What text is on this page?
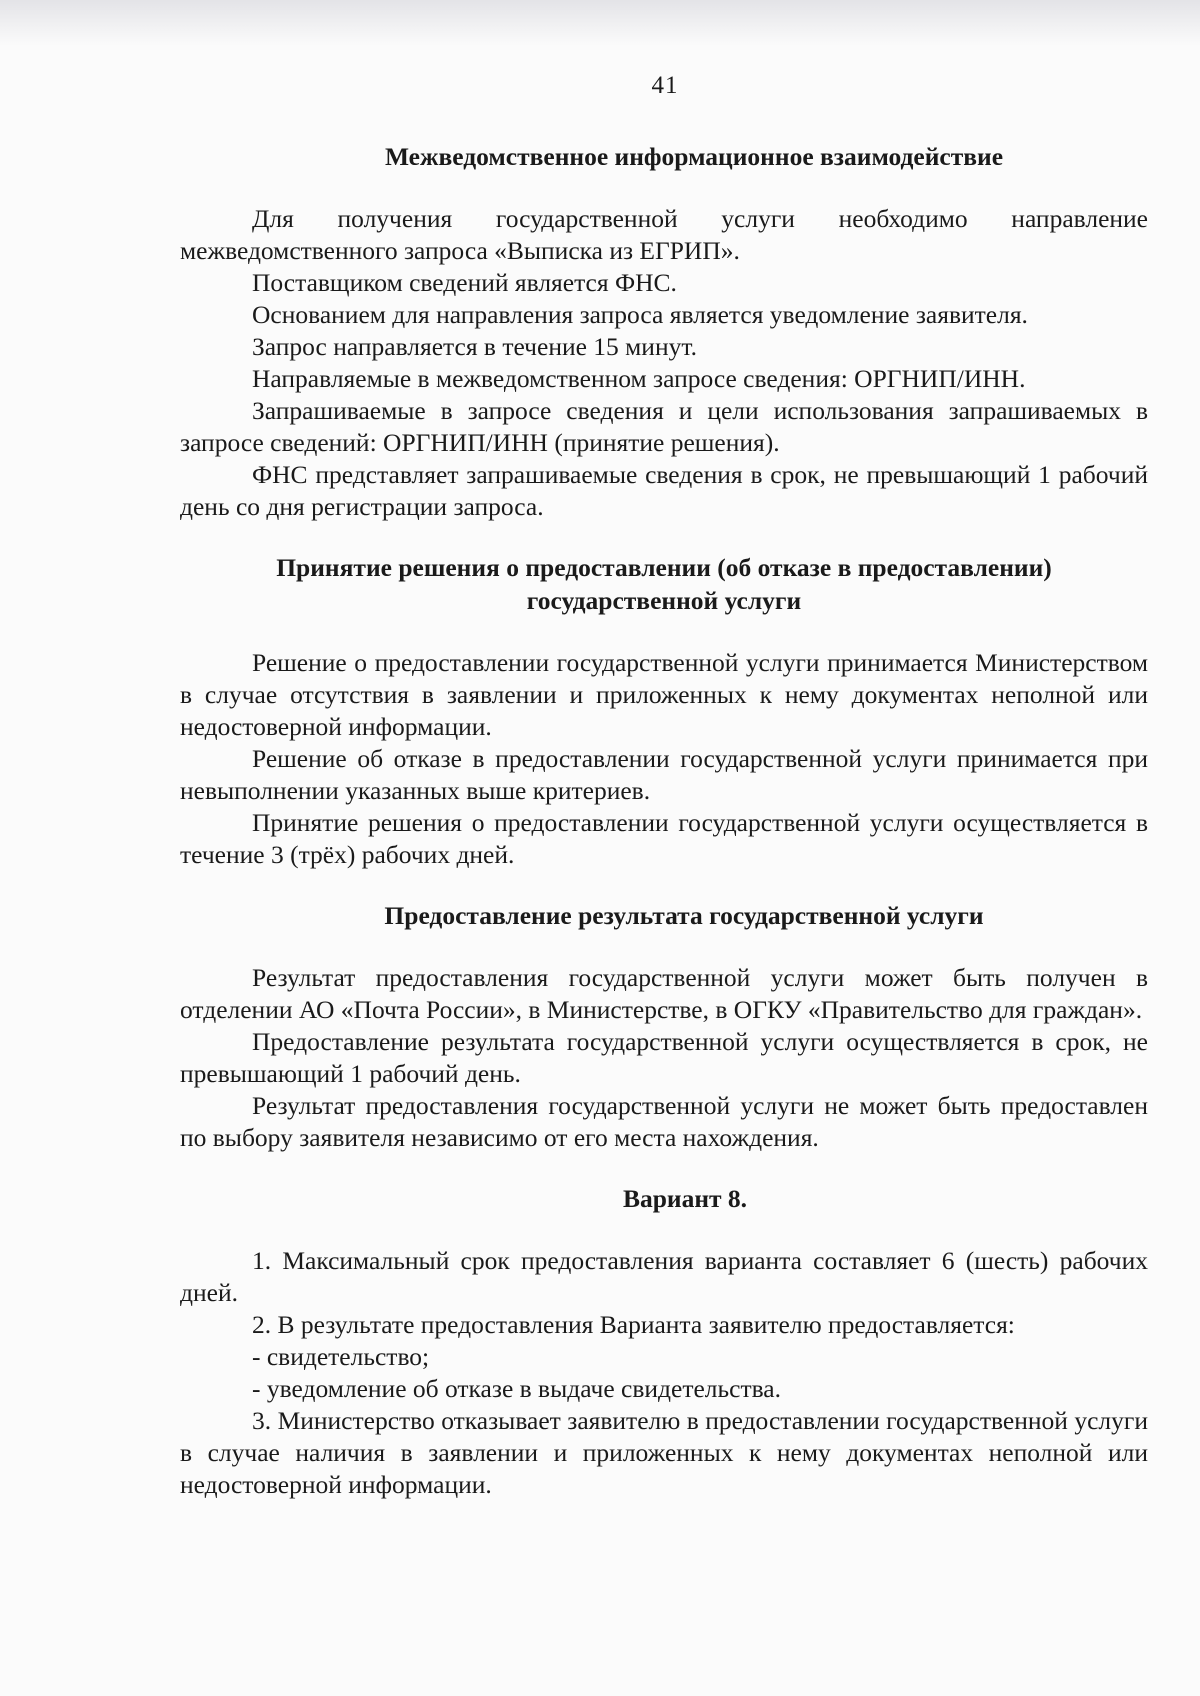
41

Межведомственное информационное взаимодействие

Для получения государственной услуги необходимо направление межведомственного запроса «Выписка из ЕГРИП».

Поставщиком сведений является ФНС.

Основанием для направления запроса является уведомление заявителя.

Запрос направляется в течение 15 минут.

Направляемые в межведомственном запросе сведения: ОРГНИП/ИНН.

Запрашиваемые в запросе сведения и цели использования запрашиваемых в запросе сведений: ОРГНИП/ИНН (принятие решения).

ФНС представляет запрашиваемые сведения в срок, не превышающий 1 рабочий день со дня регистрации запроса.

Принятие решения о предоставлении (об отказе в предоставлении)

государственной услуги

Решение о предоставлении государственной услуги принимается Министерством в случае отсутствия в заявлении и приложенных к нему документах неполной или недостоверной информации.

Решение об отказе в предоставлении государственной услуги принимается при невыполнении указанных выше критериев.

Принятие решения о предоставлении государственной услуги осуществляется в течение 3 (трёх) рабочих дней.

Предоставление результата государственной услуги

Результат предоставления государственной услуги может быть получен в отделении АО «Почта России», в Министерстве, в ОГКУ «Правительство для граждан».

Предоставление результата государственной услуги осуществляется в срок, не превышающий 1 рабочий день.

Результат предоставления государственной услуги не может быть предоставлен по выбору заявителя независимо от его места нахождения.

Вариант 8.

1. Максимальный срок предоставления варианта составляет 6 (шесть) рабочих дней.

2. В результате предоставления Варианта заявителю предоставляется:

- свидетельство;

- уведомление об отказе в выдаче свидетельства.

3. Министерство отказывает заявителю в предоставлении государственной услуги в случае наличия в заявлении и приложенных к нему документах неполной или недостоверной информации.
